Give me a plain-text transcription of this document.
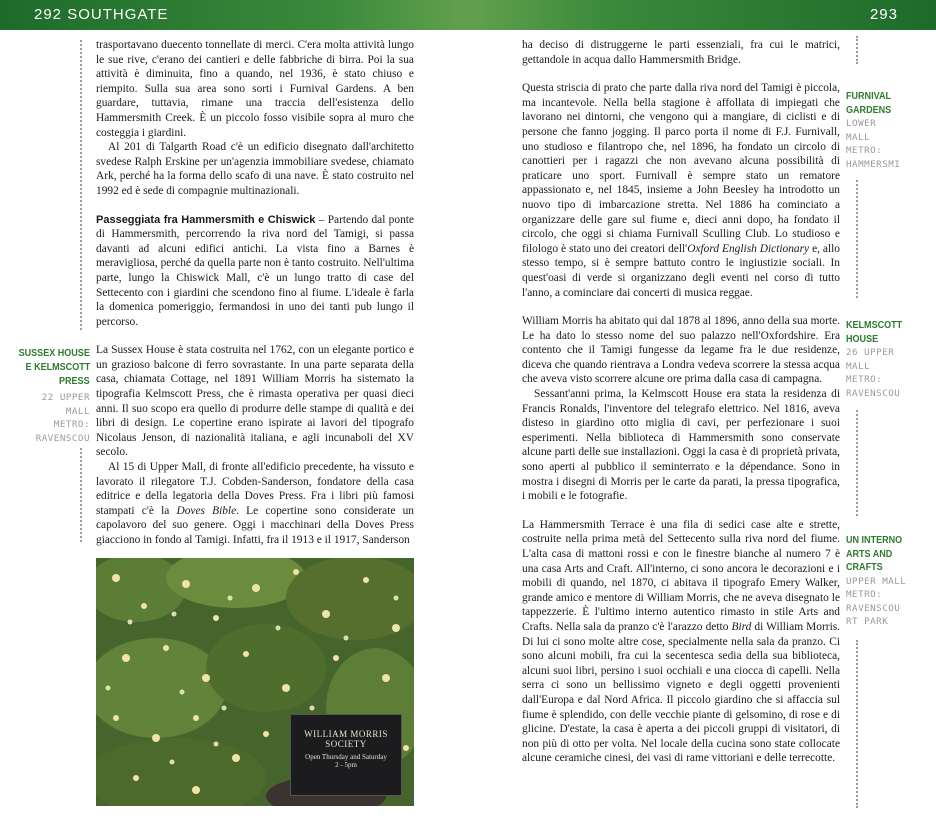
292 SOUTHGATE	293
SUSSEX HOUSE
E KELMSCOTT
PRESS
22 UPPER
MALL
METRO:
RAVENSCOU

trasportavano duecento tonnellate di merci. C'era molta attività lungo le sue rive, c'erano dei cantieri e delle fabbriche di birra. Poi la sua attività è diminuita, fino a quando, nel 1936, è stato chiuso e riempito. Sulla sua area sono sorti i Furnival Gardens. A ben guardare, tuttavia, rimane una traccia dell'esistenza dello Hammersmith Creek. È un piccolo fosso visibile sopra al muro che costeggia i giardini.

Al 201 di Talgarth Road c'è un edificio disegnato dall'architetto svedese Ralph Erskine per un'agenzia immobiliare svedese, chiamato Ark, perché ha la forma dello scafo di una nave. È stato costruito nel 1992 ed è sede di compagnie multinazionali.

Passeggiata fra Hammersmith e Chiswick – Partendo dal ponte di Hammersmith, percorrendo la riva nord del Tamigi, si passa davanti ad alcuni edifici antichi. La vista fino a Barnes è meravigliosa, perché da quella parte non è tanto costruito. Nell'ultima parte, lungo la Chiswick Mall, c'è un lungo tratto di case del Settecento con i giardini che scendono fino al fiume. L'ideale è farla la domenica pomeriggio, fermandosi in uno dei tanti pub lungo il percorso.

La Sussex House è stata costruita nel 1762, con un elegante portico e un grazioso balcone di ferro sovrastante. In una parte separata della casa, chiamata Cottage, nel 1891 William Morris ha sistemato la tipografia Kelmscott Press, che è rimasta operativa per quasi dieci anni. Il suo scopo era quello di produrre delle stampe di qualità e dei libri di design. Le copertine erano ispirate ai lavori del tipografo Nicolaus Jenson, di nazionalità italiana, e agli incunaboli del XV secolo.

Al 15 di Upper Mall, di fronte all'edificio precedente, ha vissuto e lavorato il rilegatore T.J. Cobden-Sanderson, fondatore della casa editrice e della legatoria della Doves Press. Fra i libri più famosi stampati c'è la Doves Bible. Le copertine sono considerate un capolavoro del suo genere. Oggi i macchinari della Doves Press giacciono in fondo al Tamigi. Infatti, fra il 1913 e il 1917, Sanderson

WILLIAM MORRIS
SOCIETY
Open Thursday and Saturday
2 - 5pm

ha deciso di distruggerne le parti essenziali, fra cui le matrici, gettandole in acqua dallo Hammersmith Bridge.

Questa striscia di prato che parte dalla riva nord del Tamigi è piccola, ma incantevole. Nella bella stagione è affollata di impiegati che lavorano nei dintorni, che vengono qui a mangiare, di ciclisti e di persone che fanno jogging. Il parco porta il nome di F.J. Furnivall, uno studioso e filantropo che, nel 1896, ha fondato un circolo di canottieri per i ragazzi che non avevano alcuna possibilità di praticare uno sport. Furnivall è sempre stato un rematore appassionato e, nel 1845, insieme a John Beesley ha introdotto un nuovo tipo di imbarcazione stretta. Nel 1886 ha cominciato a organizzare delle gare sul fiume e, dieci anni dopo, ha fondato il circolo, che oggi si chiama Furnivall Sculling Club. Lo studioso e filologo è stato uno dei creatori dell'Oxford English Dictionary e, allo stesso tempo, si è sempre battuto contro le ingiustizie sociali. In quest'oasi di verde si organizzano degli eventi nel corso di tutto l'anno, a cominciare dai concerti di musica reggae.

William Morris ha abitato qui dal 1878 al 1896, anno della sua morte. Le ha dato lo stesso nome del suo palazzo nell'Oxfordshire. Era contento che il Tamigi fungesse da legame fra le due residenze, diceva che quando rientrava a Londra vedeva scorrere la stessa acqua che aveva visto scorrere alcune ore prima dalla casa di campagna.

Sessant'anni prima, la Kelmscott House era stata la residenza di Francis Ronalds, l'inventore del telegrafo elettrico. Nel 1816, aveva disteso in giardino otto miglia di cavi, per perfezionare i suoi esperimenti. Nella biblioteca di Hammersmith sono conservate alcune parti delle sue installazioni. Oggi la casa è di proprietà privata, sono aperti al pubblico il seminterrato e la dépendance. Sono in mostra i disegni di Morris per le carte da parati, la pressa tipografica, i mobili e le fotografie.

La Hammersmith Terrace è una fila di sedici case alte e strette, costruite nella prima metà del Settecento sulla riva nord del fiume. L'alta casa di mattoni rossi e con le finestre bianche al numero 7 è una casa Arts and Craft. All'interno, ci sono ancora le decorazioni e i mobili di quando, nel 1870, ci abitava il tipografo Emery Walker, grande amico e mentore di William Morris, che ne aveva disegnato le tappezzerie. È l'ultimo interno autentico rimasto in stile Arts and Crafts. Nella sala da pranzo c'è l'arazzo detto Bird di William Morris. Di lui ci sono molte altre cose, specialmente nella sala da pranzo. Ci sono alcuni mobili, fra cui la secentesca sedia della sua biblioteca, alcuni suoi libri, persino i suoi occhiali e una ciocca di capelli. Nella serra ci sono un bellissimo vigneto e degli oggetti provenienti dall'Europa e dal Nord Africa. Il piccolo giardino che si affaccia sul fiume è splendido, con delle vecchie piante di gelsomino, di rose e di glicine. D'estate, la casa è aperta a dei piccoli gruppi di visitatori, di non più di otto per volta. Nel locale della cucina sono state collocate alcune ceramiche cinesi, dei vasi di rame vittoriani e delle terrecotte.

FURNIVAL
GARDENS
LOWER
MALL
METRO:
HAMMERSMI
KELMSCOTT
HOUSE
26 UPPER
MALL
METRO:
RAVENSCOU
UN INTERNO
ARTS AND
CRAFTS
UPPER MALL
METRO:
RAVENSCOU
RT PARK
